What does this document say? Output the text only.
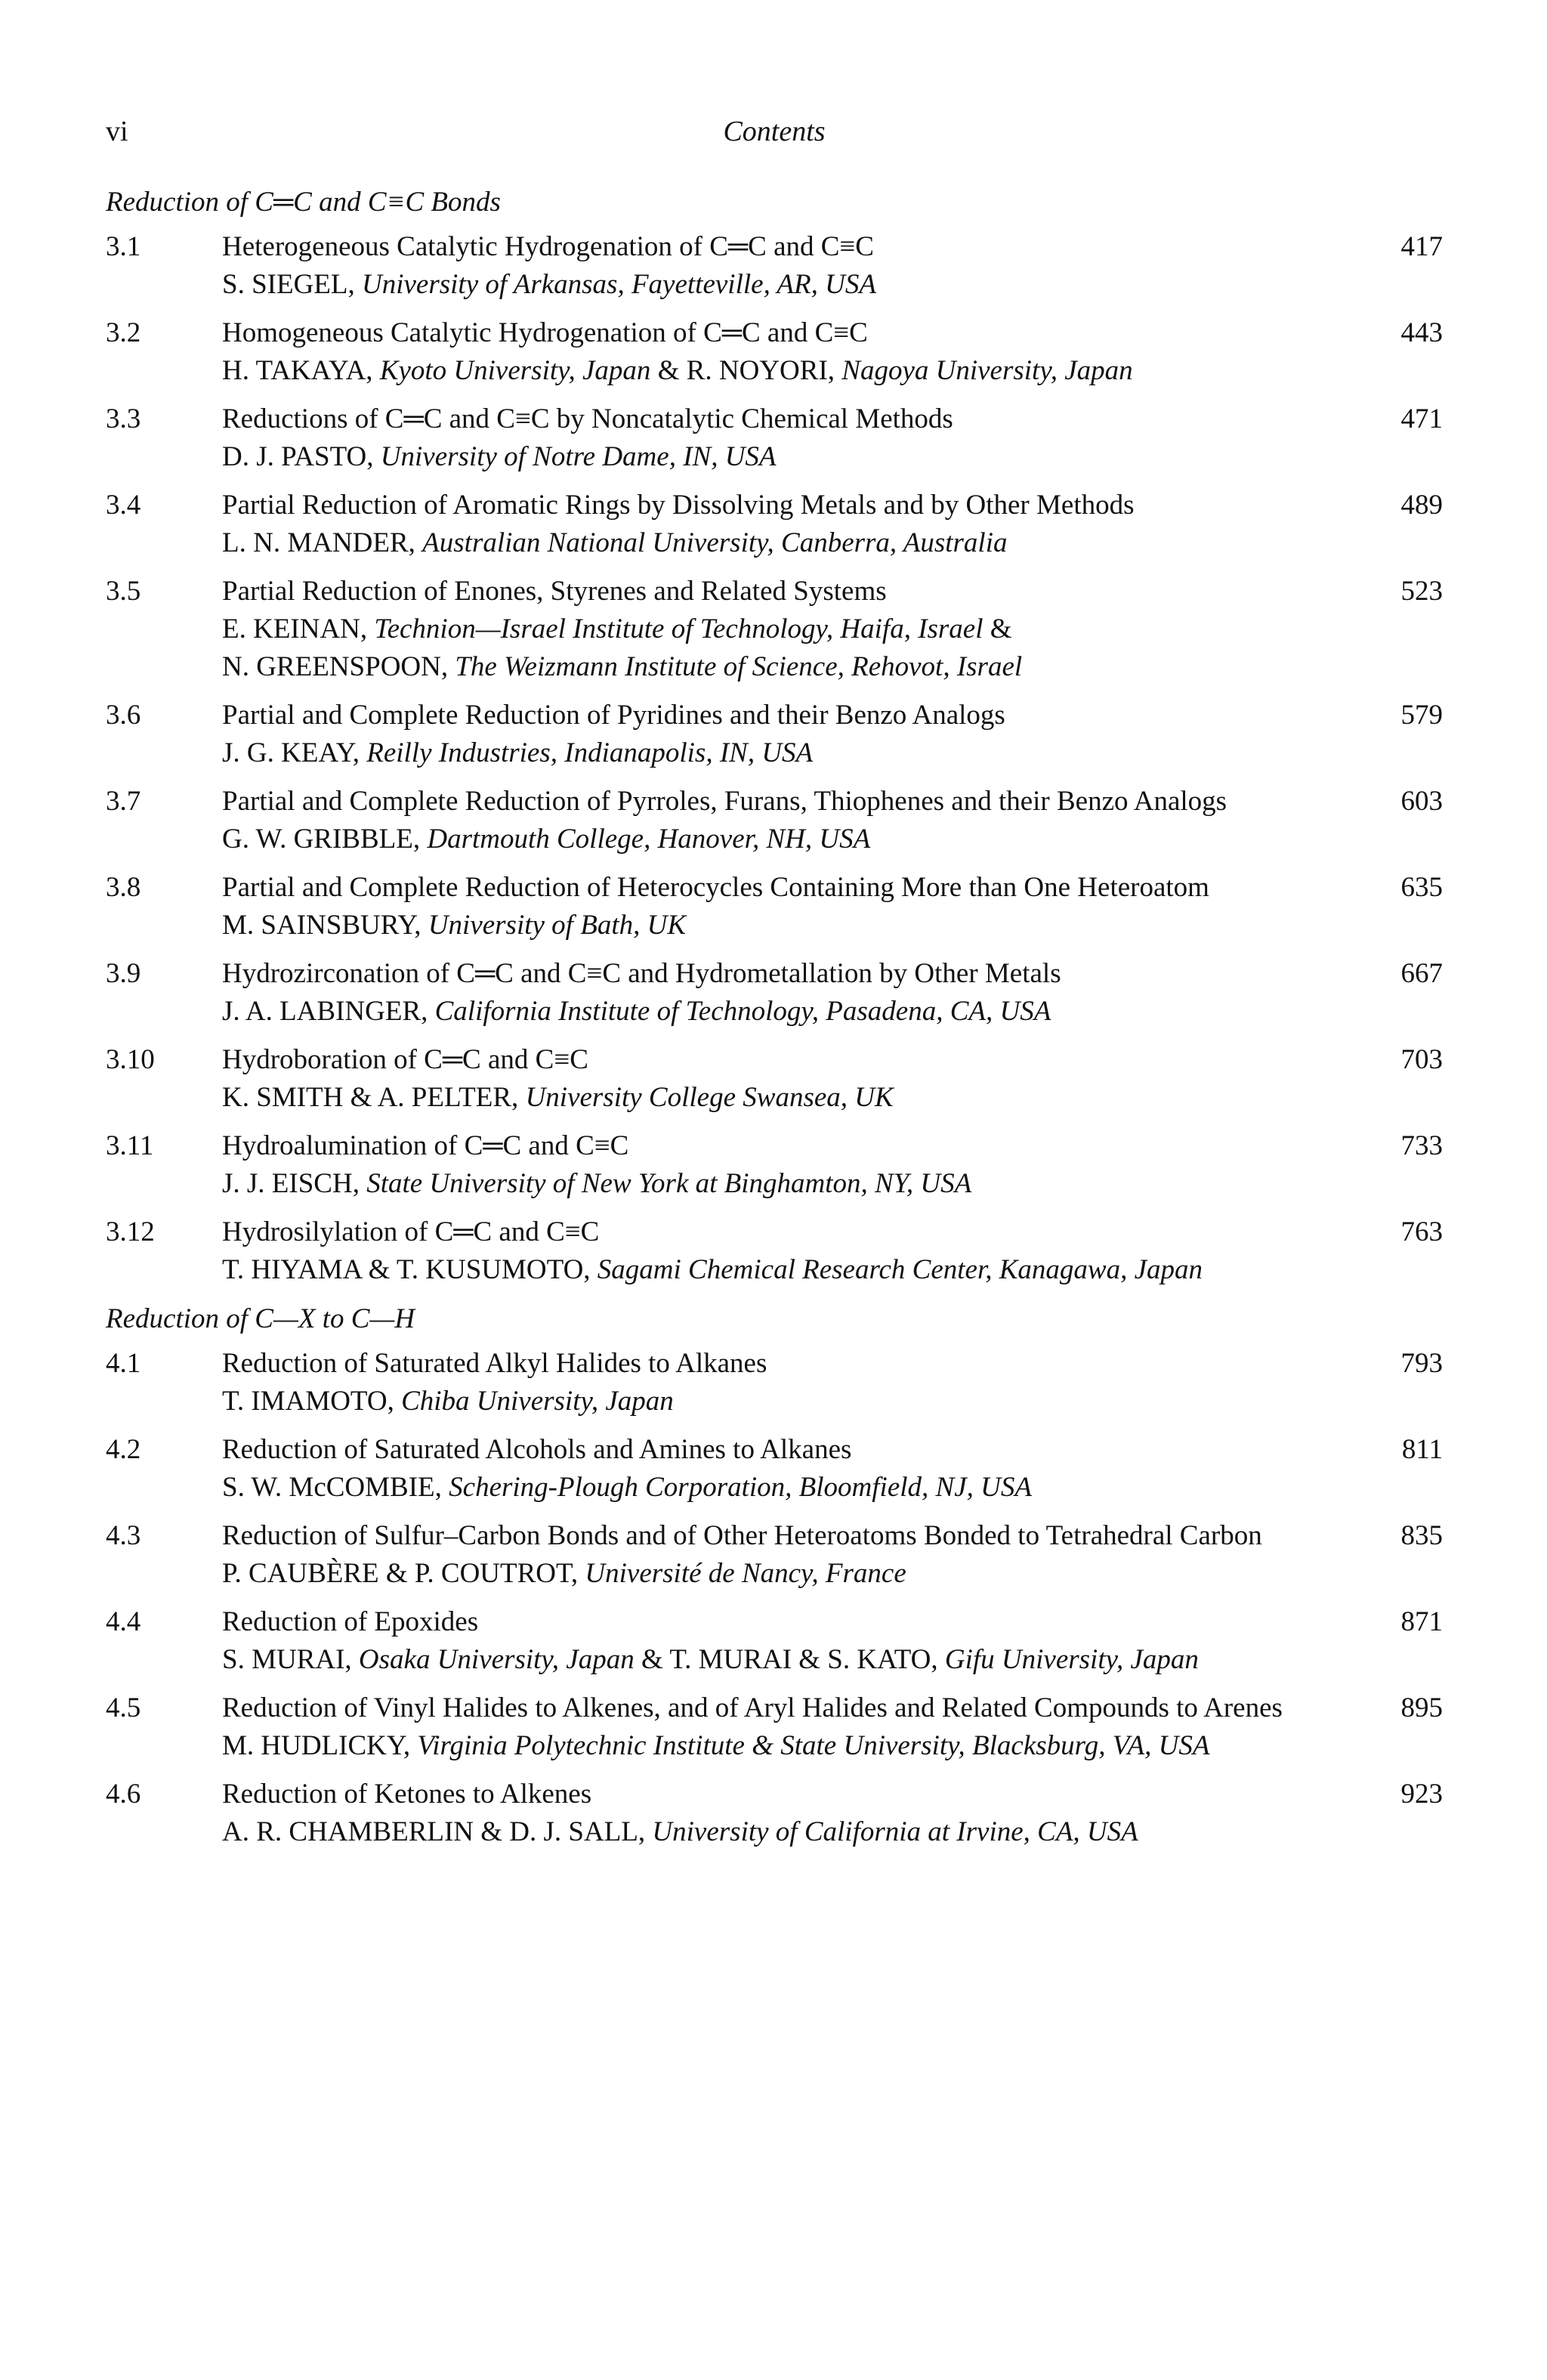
vi	Contents
Reduction of C═C and C≡C Bonds
3.1	Heterogeneous Catalytic Hydrogenation of C═C and C≡C
S. SIEGEL, University of Arkansas, Fayetteville, AR, USA
417
3.2	Homogeneous Catalytic Hydrogenation of C═C and C≡C
H. TAKAYA, Kyoto University, Japan & R. NOYORI, Nagoya University, Japan
443
3.3	Reductions of C═C and C≡C by Noncatalytic Chemical Methods
D. J. PASTO, University of Notre Dame, IN, USA
471
3.4	Partial Reduction of Aromatic Rings by Dissolving Metals and by Other Methods
L. N. MANDER, Australian National University, Canberra, Australia
489
3.5	Partial Reduction of Enones, Styrenes and Related Systems
E. KEINAN, Technion—Israel Institute of Technology, Haifa, Israel &
N. GREENSPOON, The Weizmann Institute of Science, Rehovot, Israel
523
3.6	Partial and Complete Reduction of Pyridines and their Benzo Analogs
J. G. KEAY, Reilly Industries, Indianapolis, IN, USA
579
3.7	Partial and Complete Reduction of Pyrroles, Furans, Thiophenes and their Benzo Analogs
G. W. GRIBBLE, Dartmouth College, Hanover, NH, USA
603
3.8	Partial and Complete Reduction of Heterocycles Containing More than One Heteroatom
M. SAINSBURY, University of Bath, UK
635
3.9	Hydrozirconation of C═C and C≡C and Hydrometallation by Other Metals
J. A. LABINGER, California Institute of Technology, Pasadena, CA, USA
667
3.10	Hydroboration of C═C and C≡C
K. SMITH & A. PELTER, University College Swansea, UK
703
3.11	Hydroalumination of C═C and C≡C
J. J. EISCH, State University of New York at Binghamton, NY, USA
733
3.12	Hydrosilylation of C═C and C≡C
T. HIYAMA & T. KUSUMOTO, Sagami Chemical Research Center, Kanagawa, Japan
763
Reduction of C—X to C—H
4.1	Reduction of Saturated Alkyl Halides to Alkanes
T. IMAMOTO, Chiba University, Japan
793
4.2	Reduction of Saturated Alcohols and Amines to Alkanes
S. W. McCOMBIE, Schering-Plough Corporation, Bloomfield, NJ, USA
811
4.3	Reduction of Sulfur–Carbon Bonds and of Other Heteroatoms Bonded to Tetrahedral Carbon
P. CAUBÈRE & P. COUTROT, Université de Nancy, France
835
4.4	Reduction of Epoxides
S. MURAI, Osaka University, Japan & T. MURAI & S. KATO, Gifu University, Japan
871
4.5	Reduction of Vinyl Halides to Alkenes, and of Aryl Halides and Related Compounds to Arenes
M. HUDLICKY, Virginia Polytechnic Institute & State University, Blacksburg, VA, USA
895
4.6	Reduction of Ketones to Alkenes
A. R. CHAMBERLIN & D. J. SALL, University of California at Irvine, CA, USA
923
